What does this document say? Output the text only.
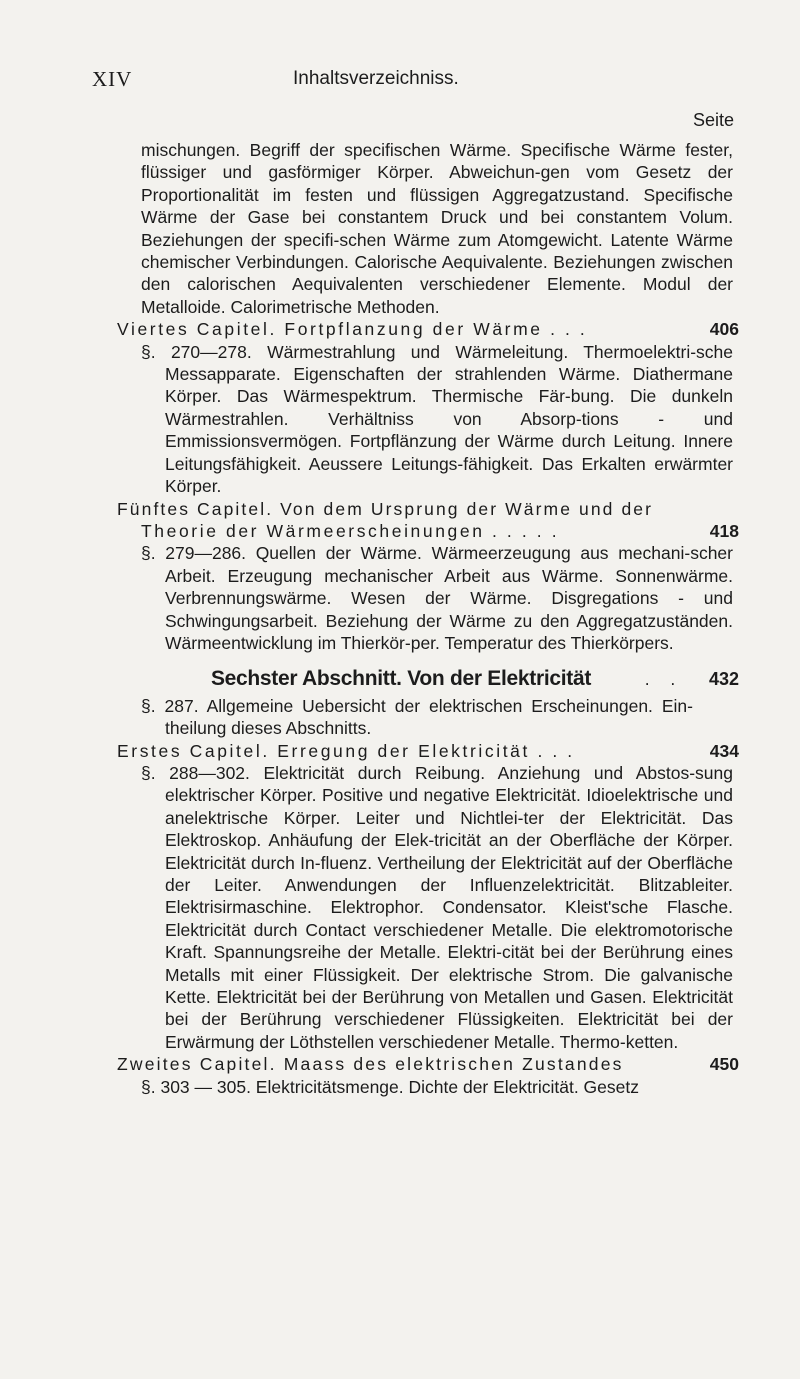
XIV	Inhaltsverzeichniss.
Seite
mischungen. Begriff der specifischen Wärme. Specifische Wärme fester, flüssiger und gasförmiger Körper. Abweichun-gen vom Gesetz der Proportionalität im festen und flüssigen Aggregatzustand. Specifische Wärme der Gase bei constantem Druck und bei constantem Volum. Beziehungen der specifi-schen Wärme zum Atomgewicht. Latente Wärme chemischer Verbindungen. Calorische Aequivalente. Beziehungen zwischen den calorischen Aequivalenten verschiedener Elemente. Modul der Metalloide. Calorimetrische Methoden.
Viertes Capitel. Fortpflanzung der Wärme . . .	406
§. 270—278. Wärmestrahlung und Wärmeleitung. Thermoelektri-sche Messapparate. Eigenschaften der strahlenden Wärme. Diathermane Körper. Das Wärmespektrum. Thermische Fär-bung. Die dunkeln Wärmestrahlen. Verhältniss von Absorp-tions - und Emmissionsvermögen. Fortpflänzung der Wärme durch Leitung. Innere Leitungsfähigkeit. Aeussere Leitungs-fähigkeit. Das Erkalten erwärmter Körper.
Fünftes Capitel. Von dem Ursprung der Wärme und der
Theorie der Wärmeerscheinungen . . . . .	418
§. 279—286. Quellen der Wärme. Wärmeerzeugung aus mechani-scher Arbeit. Erzeugung mechanischer Arbeit aus Wärme. Sonnenwärme. Verbrennungswärme. Wesen der Wärme. Disgregations - und Schwingungsarbeit. Beziehung der Wärme zu den Aggregatzuständen. Wärmeentwicklung im Thierkör-per. Temperatur des Thierkörpers.
Sechster Abschnitt. Von der Elektricität	. .	432
§. 287. Allgemeine Uebersicht der elektrischen Erscheinungen. Ein-theilung dieses Abschnitts.
Erstes Capitel. Erregung der Elektricität . . .	434
§. 288—302. Elektricität durch Reibung. Anziehung und Abstos-sung elektrischer Körper. Positive und negative Elektricität. Idioelektrische und anelektrische Körper. Leiter und Nichtlei-ter der Elektricität. Das Elektroskop. Anhäufung der Elek-tricität an der Oberfläche der Körper. Elektricität durch In-fluenz. Vertheilung der Elektricität auf der Oberfläche der Leiter. Anwendungen der Influenzelektricität. Blitzableiter. Elektrisirmaschine. Elektrophor. Condensator. Kleist'sche Flasche. Elektricität durch Contact verschiedener Metalle. Die elektromotorische Kraft. Spannungsreihe der Metalle. Elektri-cität bei der Berührung eines Metalls mit einer Flüssigkeit. Der elektrische Strom. Die galvanische Kette. Elektricität bei der Berührung von Metallen und Gasen. Elektricität bei der Berührung verschiedener Flüssigkeiten. Elektricität bei der Erwärmung der Löthstellen verschiedener Metalle. Thermo-ketten.
Zweites Capitel. Maass des elektrischen Zustandes	450
§. 303 — 305. Elektricitätsmenge. Dichte der Elektricität. Gesetz
